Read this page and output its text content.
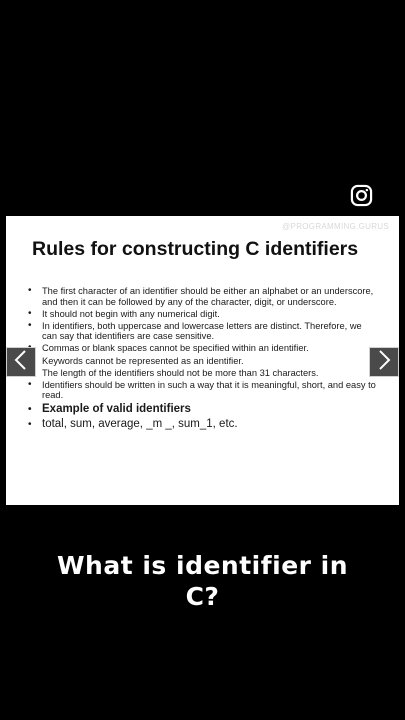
@PROGRAMMING.GURUS
Rules for constructing C identifiers
• The first character of an identifier should be either an alphabet or an underscore, and then it can be followed by any of the character, digit, or underscore.
• It should not begin with any numerical digit.
• In identifiers, both uppercase and lowercase letters are distinct. Therefore, we can say that identifiers are case sensitive.
• Commas or blank spaces cannot be specified within an identifier.
• Keywords cannot be represented as an identifier.
• The length of the identifiers should not be more than 31 characters.
• Identifiers should be written in such a way that it is meaningful, short, and easy to read.
• Example of valid identifiers
• total, sum, average, _m _, sum_1, etc.
What is identifier in
C?
